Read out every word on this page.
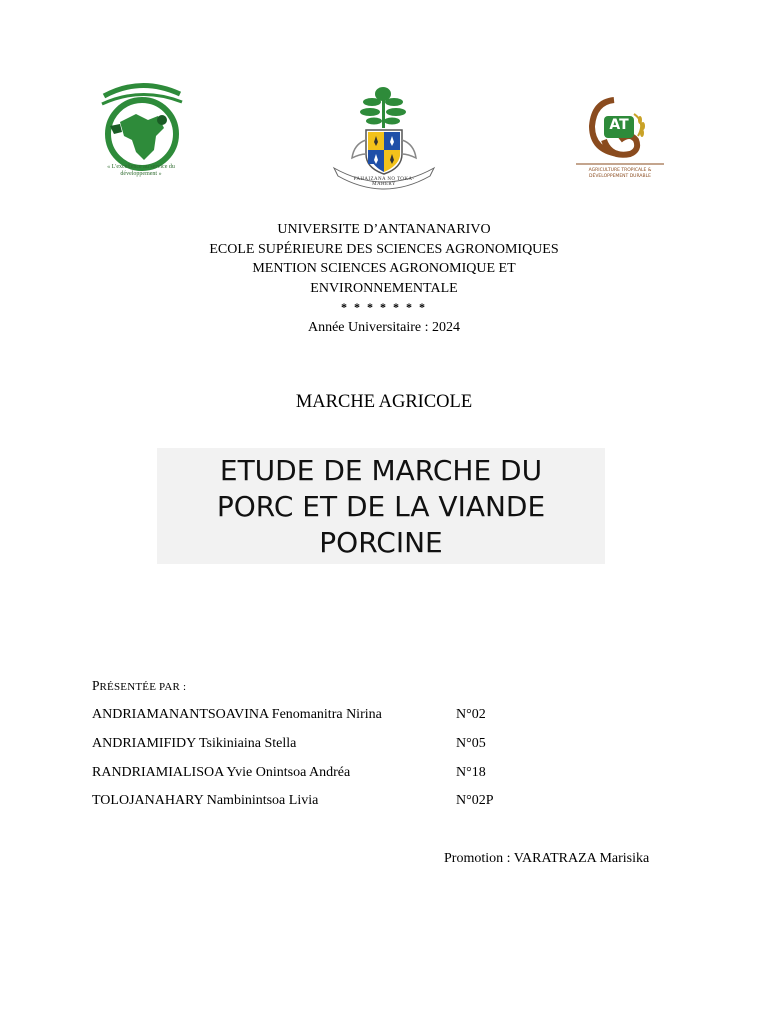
« L'excellence au service du développement »
FAHAIZANA NO TOKA-MAHERY
AT
AGRICULTURE TROPICALE &
DÉVELOPPEMENT DURABLE
UNIVERSITE D’ANTANANARIVO
ECOLE SUPÉRIEURE DES SCIENCES AGRONOMIQUES
MENTION SCIENCES AGRONOMIQUE ET
ENVIRONNEMENTALE
* * * * * * *
Année Universitaire : 2024
MARCHE AGRICOLE
ETUDE DE MARCHE DU
PORC ET DE LA VIANDE
PORCINE
PRÉSENTÉE PAR :
ANDRIAMANANTSOAVINA Fenomanitra Nirina	N°02
ANDRIAMIFIDY Tsikiniaina Stella	N°05
RANDRIAMIALISOA Yvie Onintsoa Andréa	N°18
TOLOJANAHARY Nambinintsoa Livia	N°02P
Promotion : VARATRAZA Marisika
